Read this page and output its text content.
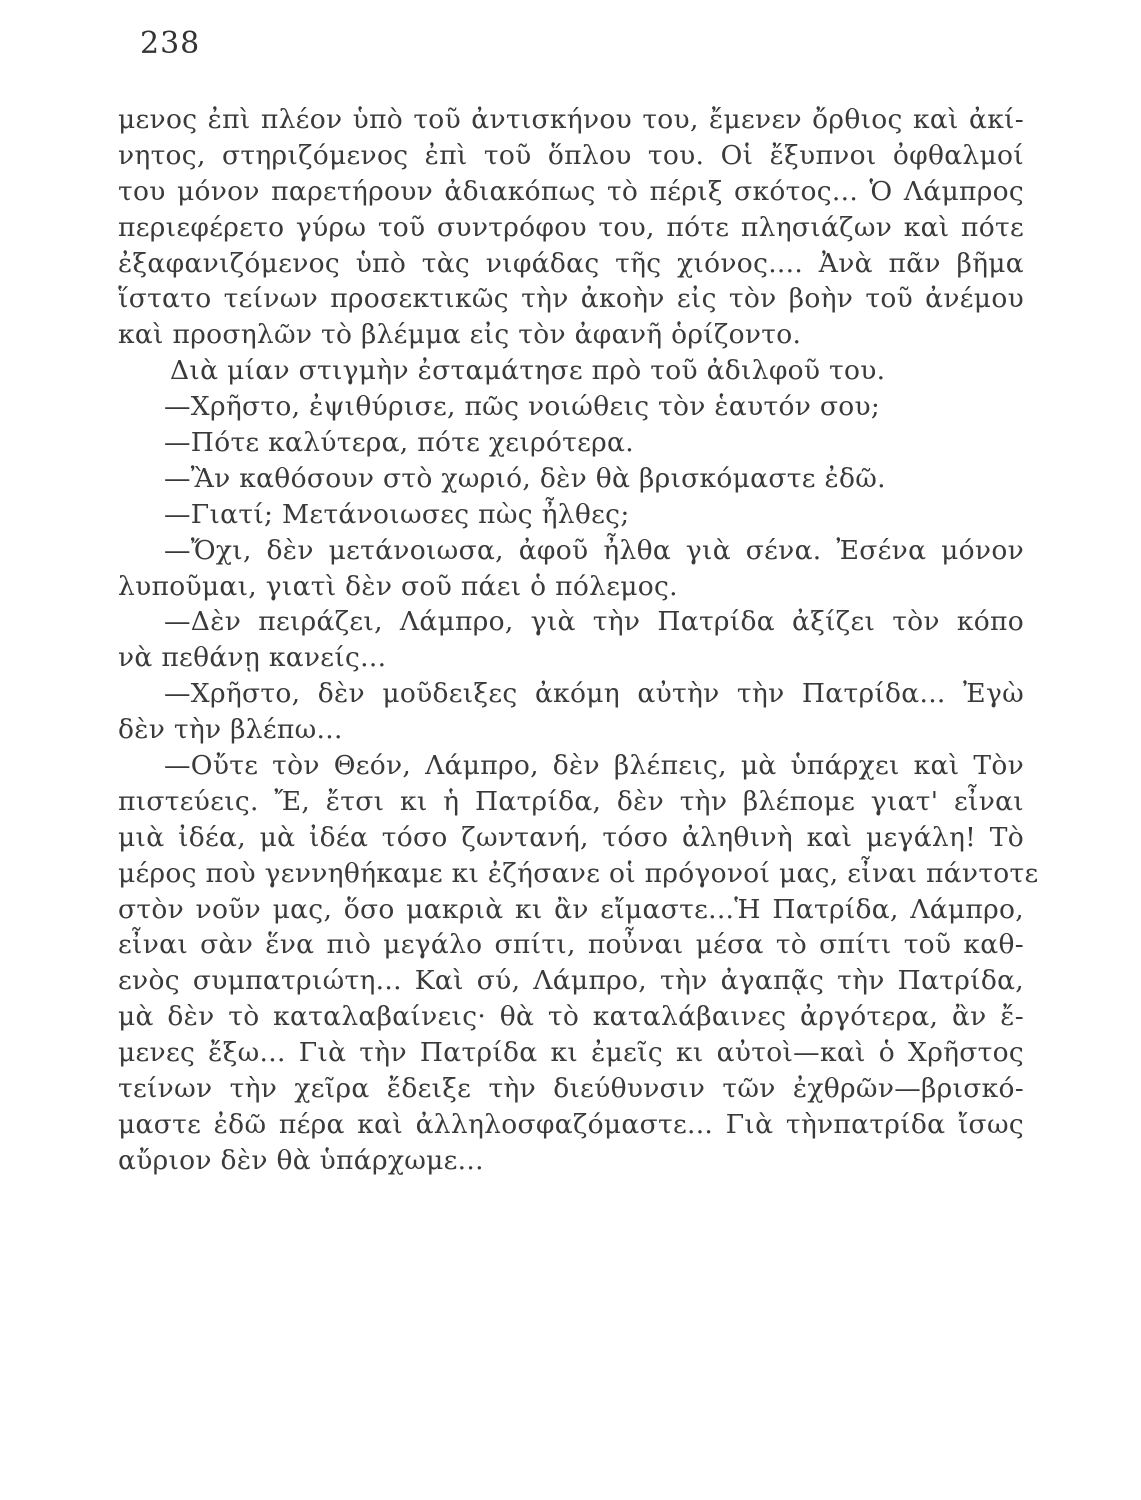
238
μενος ἐπὶ πλέον ὑπὸ τοῦ ἀντισκήνου του, ἔμενεν ὄρθιος καὶ ἀκί-
νητος, στηριζόμενος ἐπὶ τοῦ ὅπλου του. Οἱ ἔξυπνοι ὀφθαλμοί
του μόνον παρετήρουν ἀδιακόπως τὸ πέριξ σκότος... Ὁ Λάμπρος
περιεφέρετο γύρω τοῦ συντρόφου του, πότε πλησιάζων καὶ πότε
ἐξαφανιζόμενος ὑπὸ τὰς νιφάδας τῆς χιόνος.... Ἀνὰ πᾶν βῆμα
ἵστατο τείνων προσεκτικῶς τὴν ἀκοὴν εἰς τὸν βοὴν τοῦ ἀνέμου
καὶ προσηλῶν τὸ βλέμμα εἰς τὸν ἀφανῆ ὁρίζοντο.
Διὰ μίαν στιγμὴν ἐσταμάτησε πρὸ τοῦ ἀδιλφοῦ του.
—Χρῆστο, ἐψιθύρισε, πῶς νοιώθεις τὸν ἑαυτόν σου;
—Πότε καλύτερα, πότε χειρότερα.
—Ἂν καθόσουν στὸ χωριό, δὲν θὰ βρισκόμαστε ἐδῶ.
—Γιατί; Μετάνοιωσες πὼς ἦλθες;
—Ὄχι, δὲν μετάνοιωσα, ἀφοῦ ἦλθα γιὰ σένα. Ἐσένα μόνον
λυποῦμαι, γιατὶ δὲν σοῦ πάει ὁ πόλεμος.
—Δὲν πειράζει, Λάμπρο, γιὰ τὴν Πατρίδα ἀξίζει τὸν κόπο
νὰ πεθάνῃ κανείς...
—Χρῆστο, δὲν μοῦδειξες ἀκόμη αὐτὴν τὴν Πατρίδα... Ἐγὼ
δὲν τὴν βλέπω...
—Οὔτε τὸν Θεόν, Λάμπρο, δὲν βλέπεις, μὰ ὑπάρχει καὶ Τὸν
πιστεύεις. Ἔ, ἔτσι κι ἡ Πατρίδα, δὲν τὴν βλέπομε γιατ' εἶναι
μιὰ ἰδέα, μὰ ἰδέα τόσο ζωντανή, τόσο ἀληθινὴ καὶ μεγάλη! Τὸ
μέρος ποὺ γεννηθήκαμε κι ἐζήσανε οἱ πρόγονοί μας, εἶναι πάντοτε
στὸν νοῦν μας, ὅσο μακριὰ κι ἂν εἴμαστε...Ἡ Πατρίδα, Λάμπρο,
εἶναι σὰν ἕνα πιὸ μεγάλο σπίτι, ποὖναι μέσα τὸ σπίτι τοῦ καθ-
ενὸς συμπατριώτη... Καὶ σύ, Λάμπρο, τὴν ἀγαπᾷς τὴν Πατρίδα,
μὰ δὲν τὸ καταλαβαίνεις· θὰ τὸ καταλάβαινες ἀργότερα, ἂν ἔ-
μενες ἔξω... Γιὰ τὴν Πατρίδα κι ἐμεῖς κι αὐτοὶ—καὶ ὁ Χρῆστος
τείνων τὴν χεῖρα ἔδειξε τὴν διεύθυνσιν τῶν ἐχθρῶν—βρισκό-
μαστε ἐδῶ πέρα καὶ ἀλληλοσφαζόμαστε... Γιὰ τὴνπατρίδα ἴσως
αὔριον δὲν θὰ ὑπάρχωμε...
